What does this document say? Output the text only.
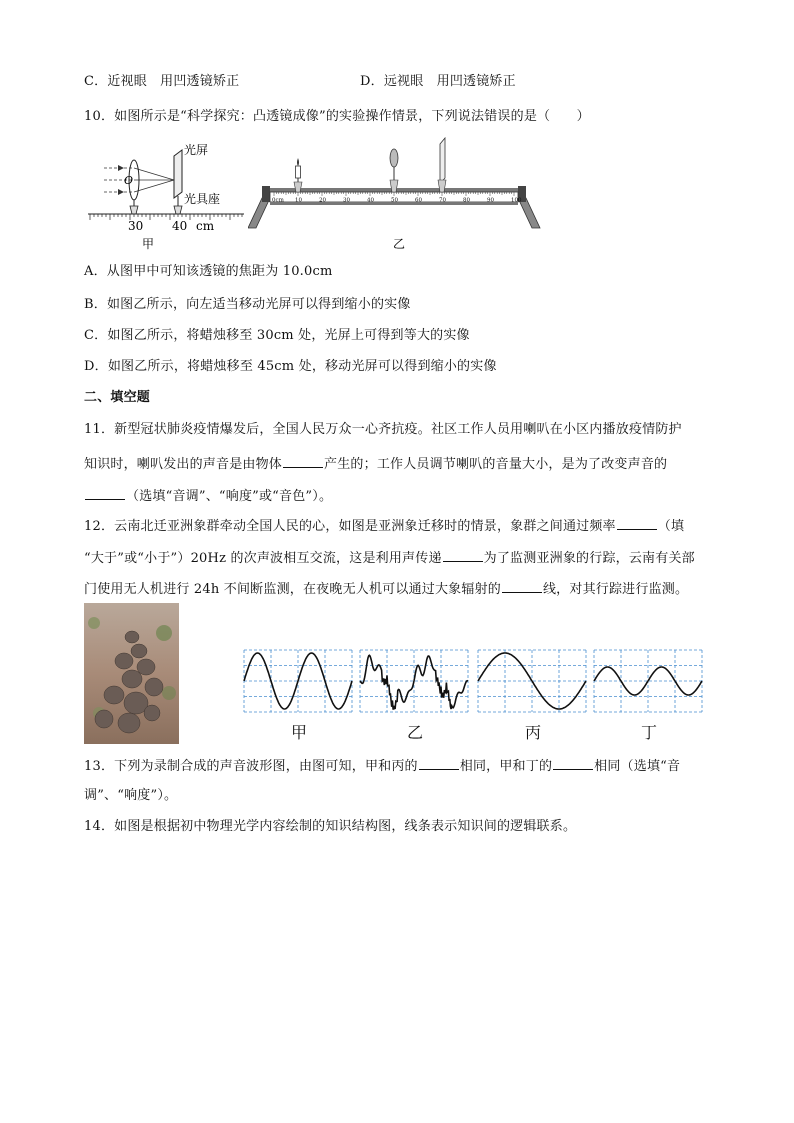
C．近视眼　用凹透镜矫正	D．远视眼　用凹透镜矫正
10．如图所示是“科学探究：凸透镜成像”的实验操作情景，下列说法错误的是（　　）
O
光屏
光具座
30 40 cm
甲
0cm 10	20	30	40	50	60	70	80	90	100
乙
A．从图甲中可知该透镜的焦距为 10.0cm
B．如图乙所示，向左适当移动光屏可以得到缩小的实像
C．如图乙所示，将蜡烛移至 30cm 处，光屏上可得到等大的实像
D．如图乙所示，将蜡烛移至 45cm 处，移动光屏可以得到缩小的实像
二、填空题
11．新型冠状肺炎疫情爆发后，全国人民万众一心齐抗疫。社区工作人员用喇叭在小区内播放疫情防护
知识时，喇叭发出的声音是由物体	产生的；工作人员调节喇叭的音量大小，是为了改变声音的
（选填“音调”、“响度”或“音色”）。
12．云南北迁亚洲象群牵动全国人民的心，如图是亚洲象迁移时的情景，象群之间通过频率	（填
“大于”或“小于”）20Hz 的次声波相互交流，这是利用声传递	为了监测亚洲象的行踪，云南有关部
门使用无人机进行 24h 不间断监测，在夜晚无人机可以通过大象辐射的	线，对其行踪进行监测。
甲	乙	丙	丁
13．下列为录制合成的声音波形图，由图可知，甲和丙的	相同，甲和丁的	相同（选填“音
调”、“响度”）。
14．如图是根据初中物理光学内容绘制的知识结构图，线条表示知识间的逻辑联系。
